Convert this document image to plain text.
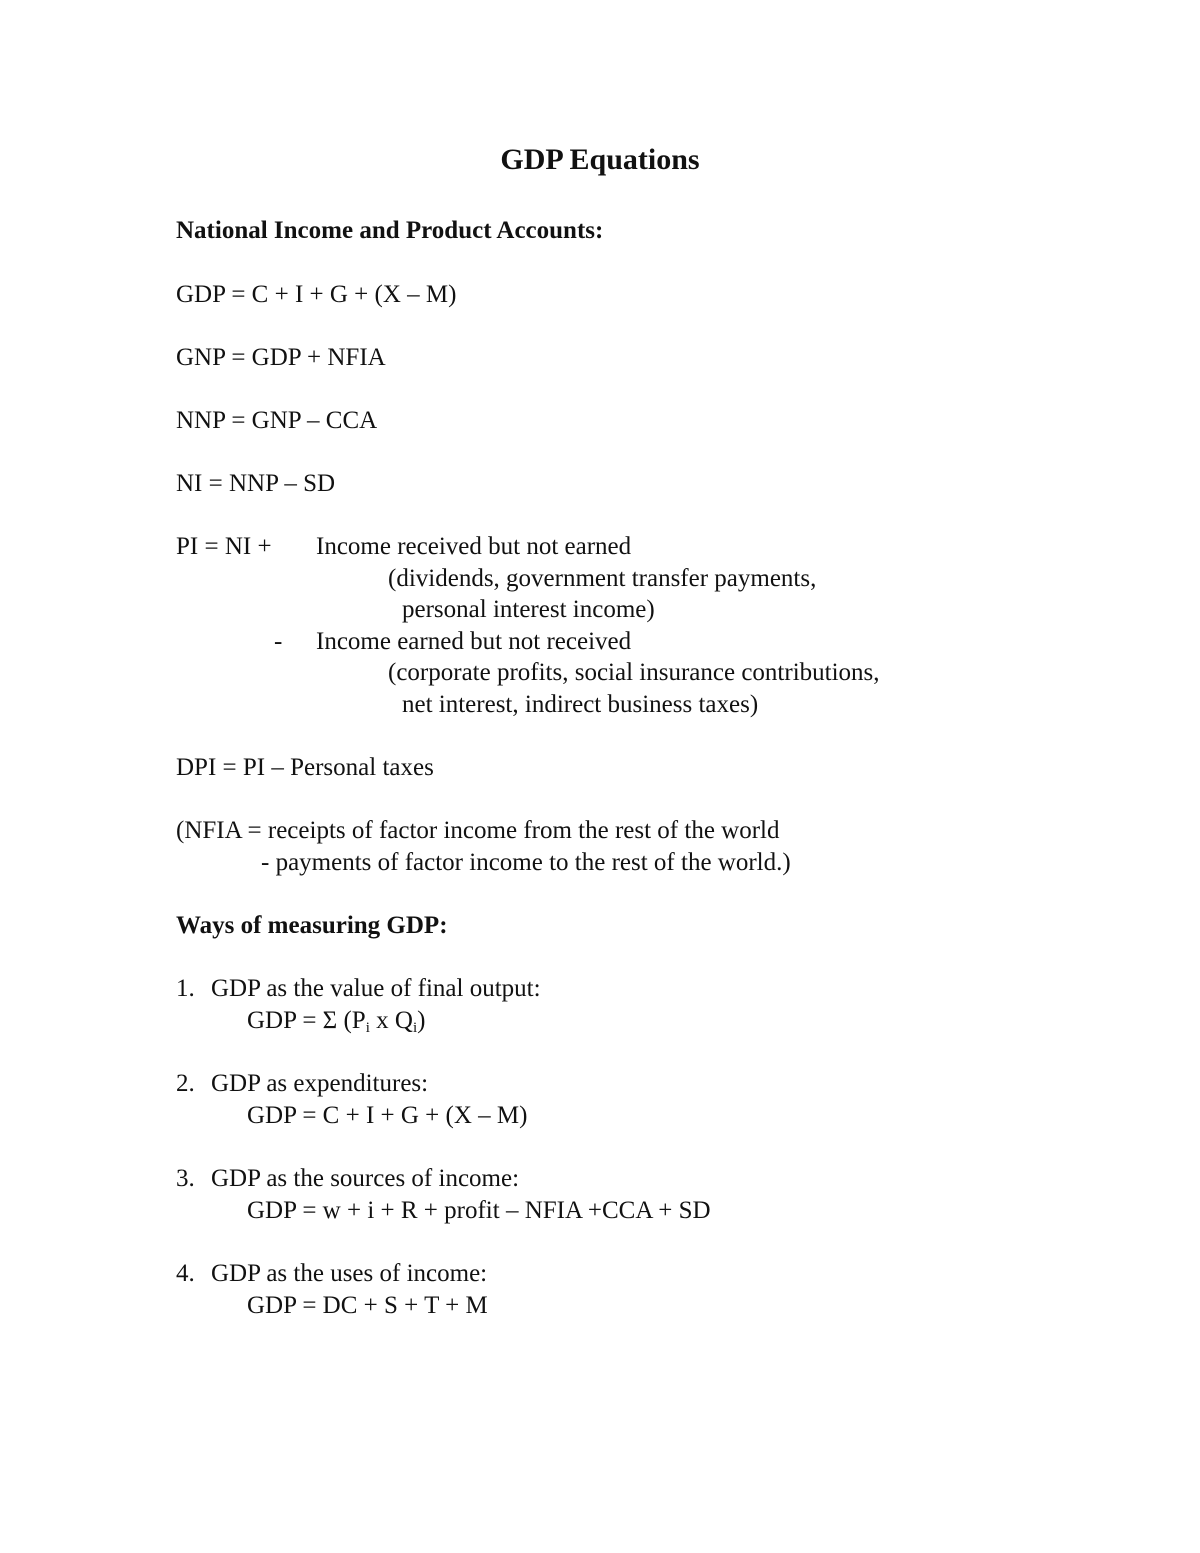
GDP Equations
National Income and Product Accounts:
GDP = C + I + G + (X – M)
GNP = GDP + NFIA
NNP = GNP – CCA
NI = NNP – SD
PI = NI + Income received but not earned
(dividends, government transfer payments,
personal interest income)
- Income earned but not received
(corporate profits, social insurance contributions,
net interest, indirect business taxes)
DPI = PI – Personal taxes
(NFIA = receipts of factor income from the rest of the world
- payments of factor income to the rest of the world.)
Ways of measuring GDP:
1. GDP as the value of final output:
GDP = Σ ($P_i$ x $Q_i$)
2. GDP as expenditures:
GDP = C + I + G + (X – M)
3. GDP as the sources of income:
GDP = w + i + R + profit – NFIA +CCA + SD
4. GDP as the uses of income:
GDP = DC + S + T + M
